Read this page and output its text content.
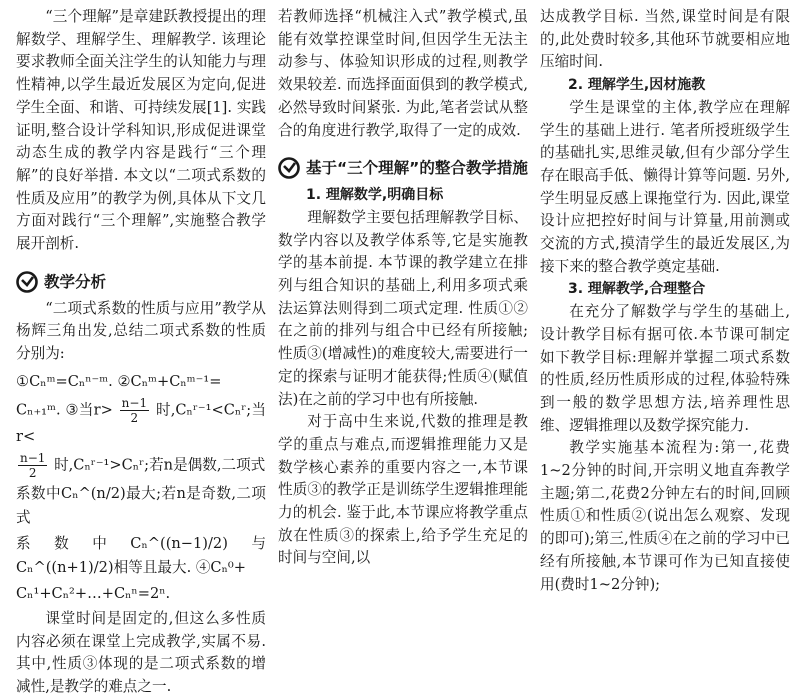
“三个理解”是章建跃教授提出的理解数学、理解学生、理解教学. 该理论要求教师全面关注学生的认知能力与理性精神,以学生最近发展区为定向,促进学生全面、和谐、可持续发展[1]. 实践证明,整合设计学科知识,形成促进课堂动态生成的教学内容是践行“三个理解”的良好举措. 本文以“二项式系数的性质及应用”的教学为例,具体从下文几方面对践行“三个理解”,实施整合教学展开剖析.

教学分析

“二项式系数的性质与应用”教学从杨辉三角出发,总结二项式系数的性质分别为:

①Cₙᵐ=Cₙⁿ⁻ᵐ. ②Cₙᵐ+Cₙᵐ⁻¹=
Cₙ₊₁ᵐ. ③当$r> \frac{n-1}{2}$ 时,Cₙʳ⁻¹<Cₙʳ;当r<
$\frac{n-1}{2}$ 时,Cₙʳ⁻¹>Cₙʳ;若n是偶数,二项式
系数中Cₙ^(n/2)最大;若n是奇数,二项式
系数中Cₙ^((n−1)/2)与Cₙ^((n+1)/2)相等且最大. ④Cₙ⁰+
Cₙ¹+Cₙ²+…+Cₙⁿ=2ⁿ.

课堂时间是固定的,但这么多性质内容必须在课堂上完成教学,实属不易. 其中,性质③体现的是二项式系数的增减性,是教学的难点之一.

若教师选择“机械注入式”教学模式,虽能有效掌控课堂时间,但因学生无法主动参与、体验知识形成的过程,则教学效果较差. 而选择面面俱到的教学模式,必然导致时间紧张. 为此,笔者尝试从整合的角度进行教学,取得了一定的成效.

基于“三个理解”的整合教学措施
1. 理解数学,明确目标

理解数学主要包括理解教学目标、数学内容以及教学体系等,它是实施教学的基本前提. 本节课的教学建立在排列与组合知识的基础上,利用多项式乘法运算法则得到二项式定理. 性质①②在之前的排列与组合中已经有所接触;性质③(增减性)的难度较大,需要进行一定的探索与证明才能获得;性质④(赋值法)在之前的学习中也有所接触.

对于高中生来说,代数的推理是教学的重点与难点,而逻辑推理能力又是数学核心素养的重要内容之一,本节课性质③的教学正是训练学生逻辑推理能力的机会. 鉴于此,本节课应将教学重点放在性质③的探索上,给予学生充足的时间与空间,以

达成教学目标. 当然,课堂时间是有限的,此处费时较多,其他环节就要相应地压缩时间.

2. 理解学生,因材施教

学生是课堂的主体,教学应在理解学生的基础上进行. 笔者所授班级学生的基础扎实,思维灵敏,但有少部分学生存在眼高手低、懒得计算等问题. 另外,学生明显反感上课拖堂行为. 因此,课堂设计应把控好时间与计算量,用前测或交流的方式,摸清学生的最近发展区,为接下来的整合教学奠定基础.

3. 理解教学,合理整合

在充分了解数学与学生的基础上,设计教学目标有据可依.本节课可制定如下教学目标:理解并掌握二项式系数的性质,经历性质形成的过程,体验特殊到一般的数学思想方法,培养理性思维、逻辑推理以及数学探究能力.

教学实施基本流程为:第一,花费1~2分钟的时间,开宗明义地直奔教学主题;第二,花费2分钟左右的时间,回顾性质①和性质②(说出怎么观察、发现的即可);第三,性质④在之前的学习中已经有所接触,本节课可作为已知直接使用(费时1~2分钟);
